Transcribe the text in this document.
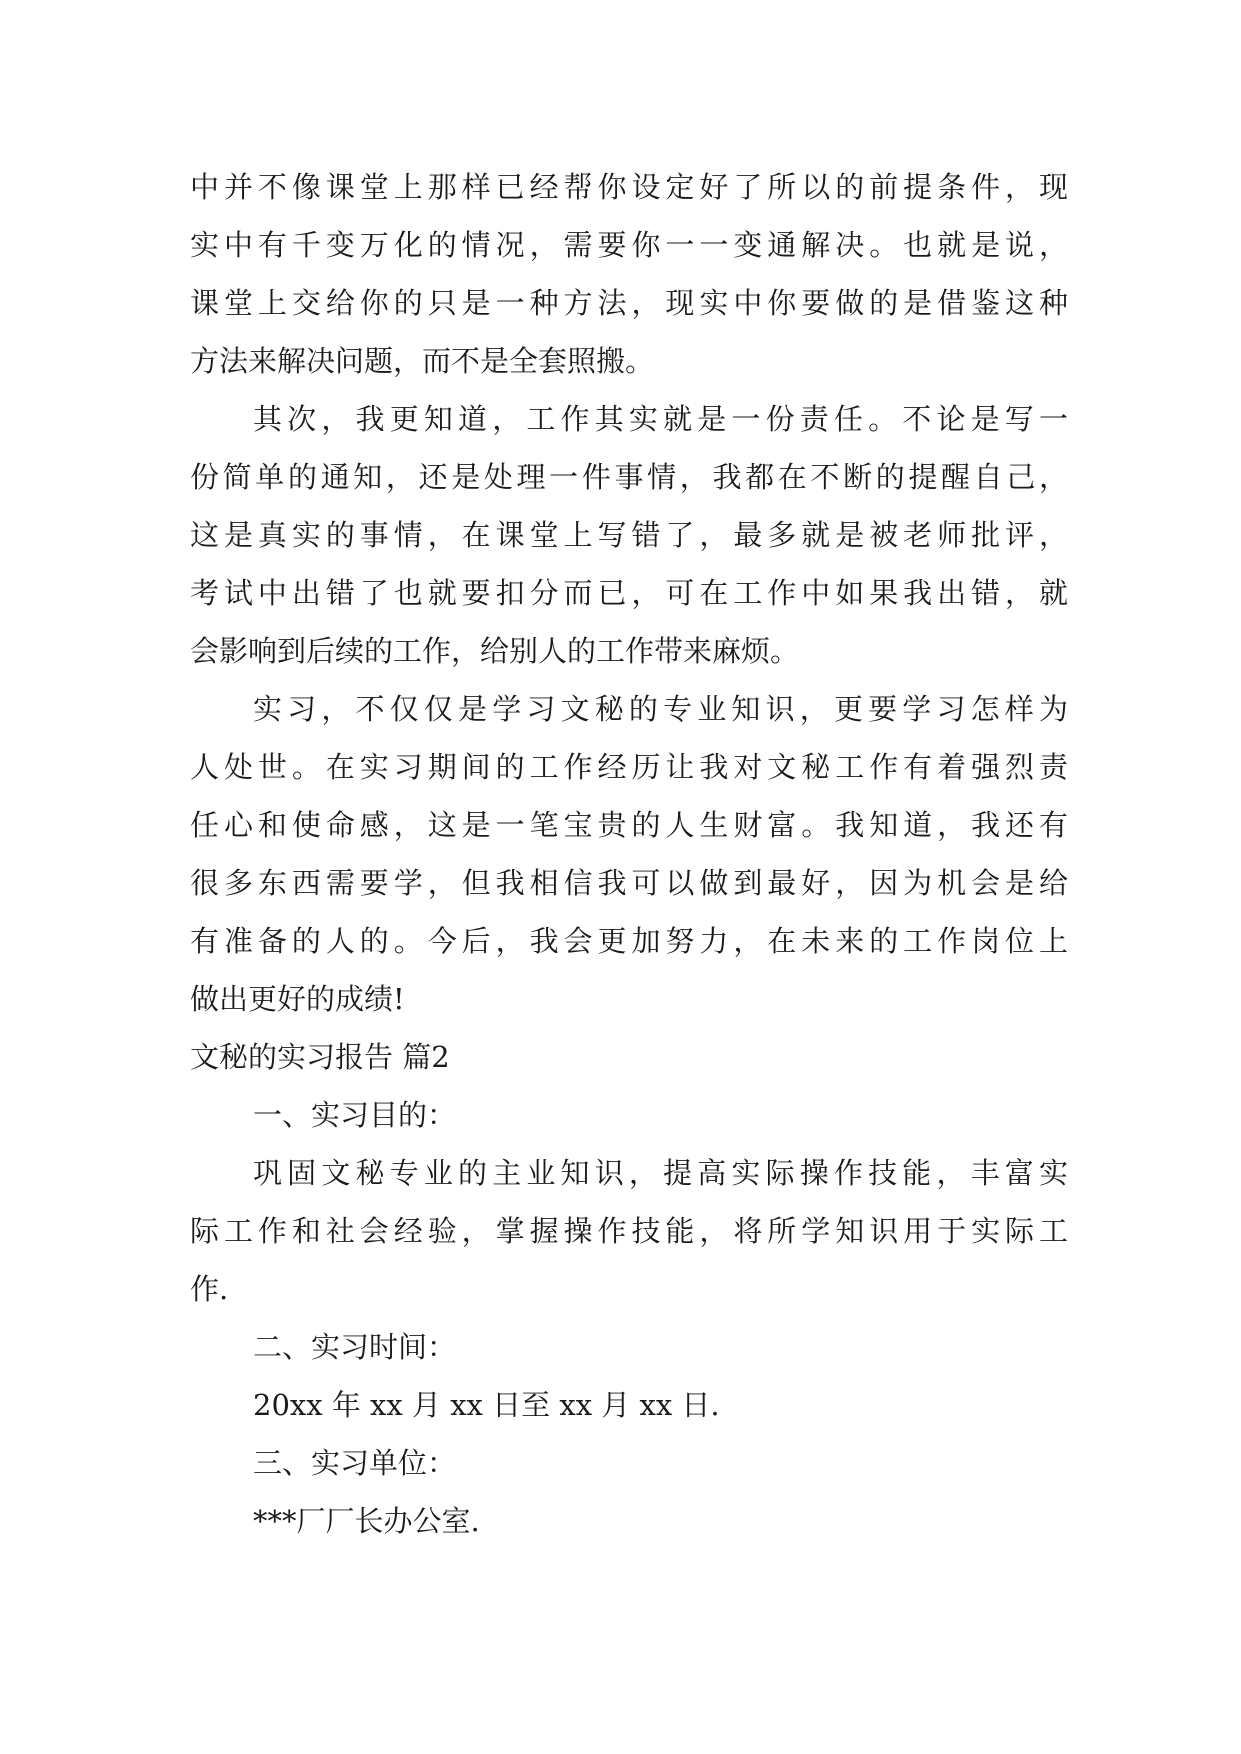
中并不像课堂上那样已经帮你设定好了所以的前提条件，现
实中有千变万化的情况，需要你一一变通解决。也就是说，
课堂上交给你的只是一种方法，现实中你要做的是借鉴这种
方法来解决问题，而不是全套照搬。
其次，我更知道，工作其实就是一份责任。不论是写一
份简单的通知，还是处理一件事情，我都在不断的提醒自己，
这是真实的事情，在课堂上写错了，最多就是被老师批评，
考试中出错了也就要扣分而已，可在工作中如果我出错，就
会影响到后续的工作，给别人的工作带来麻烦。
实习，不仅仅是学习文秘的专业知识，更要学习怎样为
人处世。在实习期间的工作经历让我对文秘工作有着强烈责
任心和使命感，这是一笔宝贵的人生财富。我知道，我还有
很多东西需要学，但我相信我可以做到最好，因为机会是给
有准备的人的。今后，我会更加努力，在未来的工作岗位上
做出更好的成绩!
文秘的实习报告 篇2
一、实习目的：
巩固文秘专业的主业知识，提高实际操作技能，丰富实
际工作和社会经验，掌握操作技能，将所学知识用于实际工
作.
二、实习时间：
20xx 年 xx 月 xx 日至 xx 月 xx 日.
三、实习单位：
***厂厂长办公室.
